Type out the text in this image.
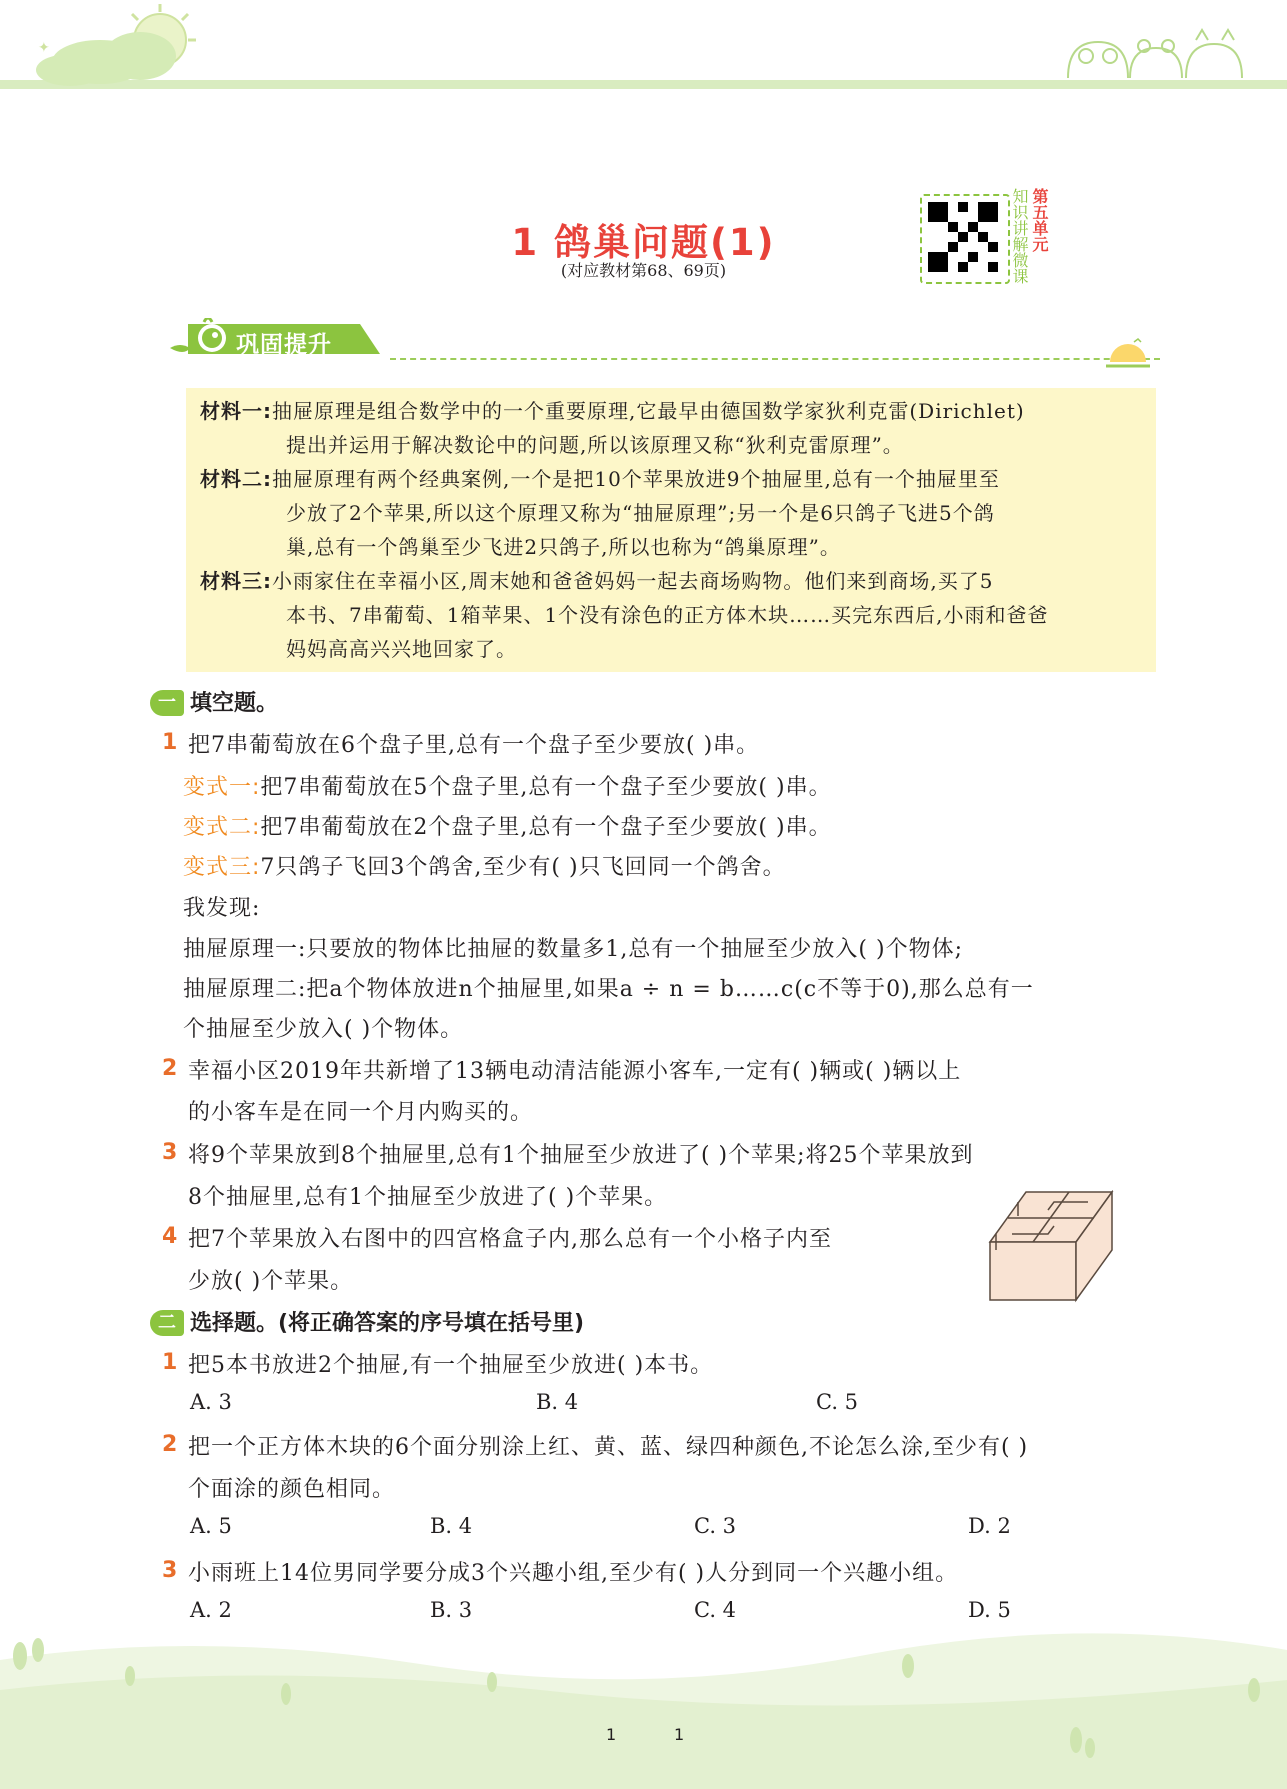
✦
1 鸽巢问题(1)
(对应教材第68、69页)	知识讲解微课 第五单元
巩固提升
材料一:抽屉原理是组合数学中的一个重要原理,它最早由德国数学家狄利克雷(Dirichlet)
提出并运用于解决数论中的问题,所以该原理又称“狄利克雷原理”。
材料二:抽屉原理有两个经典案例,一个是把10个苹果放进9个抽屉里,总有一个抽屉里至
少放了2个苹果,所以这个原理又称为“抽屉原理”;另一个是6只鸽子飞进5个鸽
巢,总有一个鸽巢至少飞进2只鸽子,所以也称为“鸽巢原理”。
材料三:小雨家住在幸福小区,周末她和爸爸妈妈一起去商场购物。他们来到商场,买了5
本书、7串葡萄、1箱苹果、1个没有涂色的正方体木块……买完东西后,小雨和爸爸
妈妈高高兴兴地回家了。
一 填空题。
1 把7串葡萄放在6个盘子里,总有一个盘子至少要放( )串。
变式一:把7串葡萄放在5个盘子里,总有一个盘子至少要放( )串。
变式二:把7串葡萄放在2个盘子里,总有一个盘子至少要放( )串。
变式三:7只鸽子飞回3个鸽舍,至少有( )只飞回同一个鸽舍。
我发现:
抽屉原理一:只要放的物体比抽屉的数量多1,总有一个抽屉至少放入( )个物体;
抽屉原理二:把a个物体放进n个抽屉里,如果a ÷ n = b……c(c不等于0),那么总有一
个抽屉至少放入( )个物体。
2 幸福小区2019年共新增了13辆电动清洁能源小客车,一定有( )辆或( )辆以上
的小客车是在同一个月内购买的。
3 将9个苹果放到8个抽屉里,总有1个抽屉至少放进了( )个苹果;将25个苹果放到
8个抽屉里,总有1个抽屉至少放进了( )个苹果。
4 把7个苹果放入右图中的四宫格盒子内,那么总有一个小格子内至
少放( )个苹果。
二 选择题。(将正确答案的序号填在括号里)
1 把5本书放进2个抽屉,有一个抽屉至少放进( )本书。
A. 3	B. 4	C. 5
2 把一个正方体木块的6个面分别涂上红、黄、蓝、绿四种颜色,不论怎么涂,至少有( )
个面涂的颜色相同。
A. 5	B. 4	C. 3	D. 2
3 小雨班上14位男同学要分成3个兴趣小组,至少有( )人分到同一个兴趣小组。
A. 2	B. 3	C. 4	D. 5
1	1
